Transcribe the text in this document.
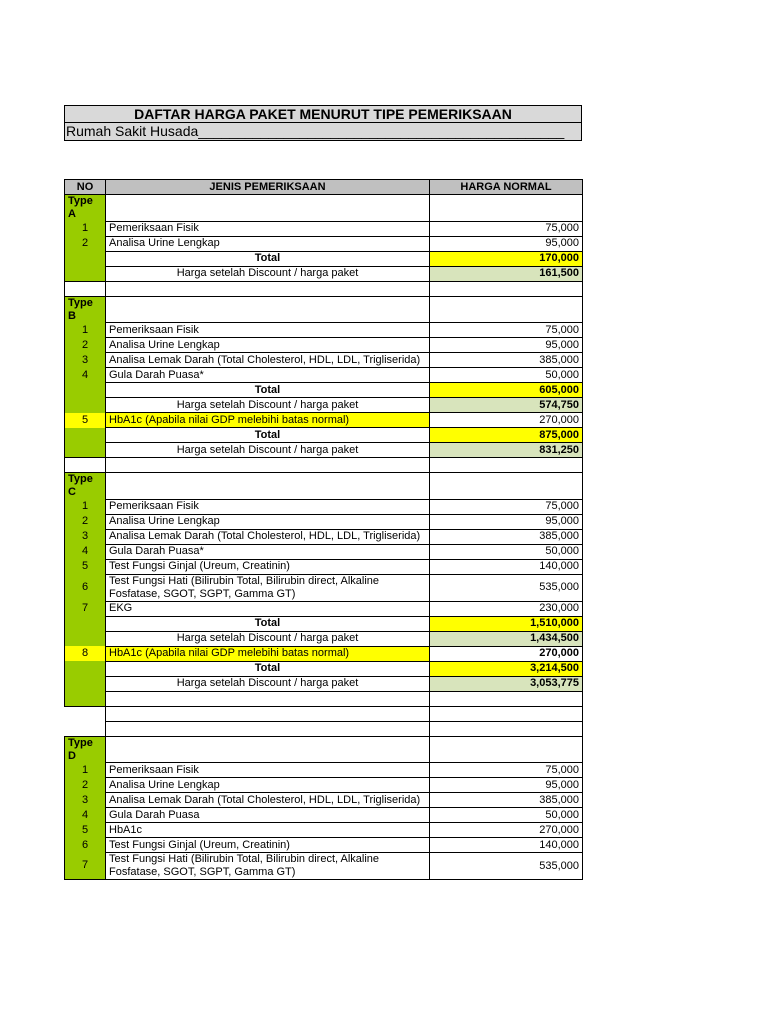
DAFTAR HARGA PAKET MENURUT TIPE PEMERIKSAAN
Rumah Sakit Husada_______________________________________________
NO	JENIS PEMERIKSAAN	HARGA NORMAL
Type A		
1	Pemeriksaan Fisik	75,000
2	Analisa Urine Lengkap	95,000
	Total	170,000
	Harga setelah Discount / harga paket	161,500

Type B		
1	Pemeriksaan Fisik	75,000
2	Analisa Urine Lengkap	95,000
3	Analisa Lemak Darah (Total Cholesterol, HDL, LDL, Trigliserida)	385,000
4	Gula Darah Puasa*	50,000
	Total	605,000
	Harga setelah Discount / harga paket	574,750
5	HbA1c (Apabila nilai GDP melebihi batas normal)	270,000
	Total	875,000
	Harga setelah Discount / harga paket	831,250

Type C		
1	Pemeriksaan Fisik	75,000
2	Analisa Urine Lengkap	95,000
3	Analisa Lemak Darah (Total Cholesterol, HDL, LDL, Trigliserida)	385,000
4	Gula Darah Puasa*	50,000
5	Test Fungsi Ginjal (Ureum, Creatinin)	140,000
6	Test Fungsi Hati (Bilirubin Total, Bilirubin direct, Alkaline Fosfatase, SGOT, SGPT, Gamma GT)	535,000
7	EKG	230,000
	Total	1,510,000
	Harga setelah Discount / harga paket	1,434,500
8	HbA1c (Apabila nilai GDP melebihi batas normal)	270,000
	Total	3,214,500
	Harga setelah Discount / harga paket	3,053,775

Type D		
1	Pemeriksaan Fisik	75,000
2	Analisa Urine Lengkap	95,000
3	Analisa Lemak Darah (Total Cholesterol, HDL, LDL, Trigliserida)	385,000
4	Gula Darah Puasa	50,000
5	HbA1c	270,000
6	Test Fungsi Ginjal (Ureum, Creatinin)	140,000
7	Test Fungsi Hati (Bilirubin Total, Bilirubin direct, Alkaline Fosfatase, SGOT, SGPT, Gamma GT)	535,000
